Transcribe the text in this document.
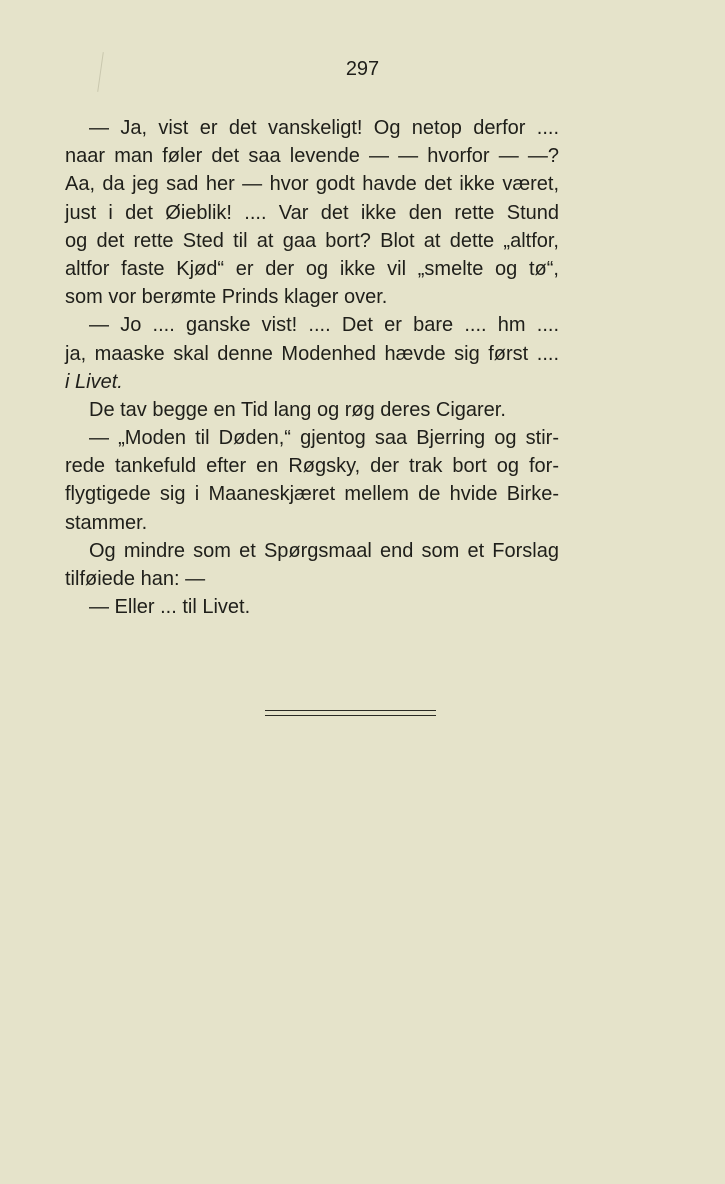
297
— Ja, vist er det vanskeligt! Og netop derfor ....
naar man føler det saa levende — — hvorfor — —?
Aa, da jeg sad her — hvor godt havde det ikke været,
just i det Øieblik! .... Var det ikke den rette Stund
og det rette Sted til at gaa bort? Blot at dette „altfor,
altfor faste Kjød“ er der og ikke vil „smelte og tø“,
som vor berømte Prinds klager over.
— Jo .... ganske vist! .... Det er bare .... hm ....
ja, maaske skal denne Modenhed hævde sig først ....
i Livet.
De tav begge en Tid lang og røg deres Cigarer.
— „Moden til Døden,“ gjentog saa Bjerring og stir-
rede tankefuld efter en Røgsky, der trak bort og for-
flygtigede sig i Maaneskjæret mellem de hvide Birke-
stammer.
Og mindre som et Spørgsmaal end som et Forslag
tilføiede han: —
— Eller ... til Livet.
